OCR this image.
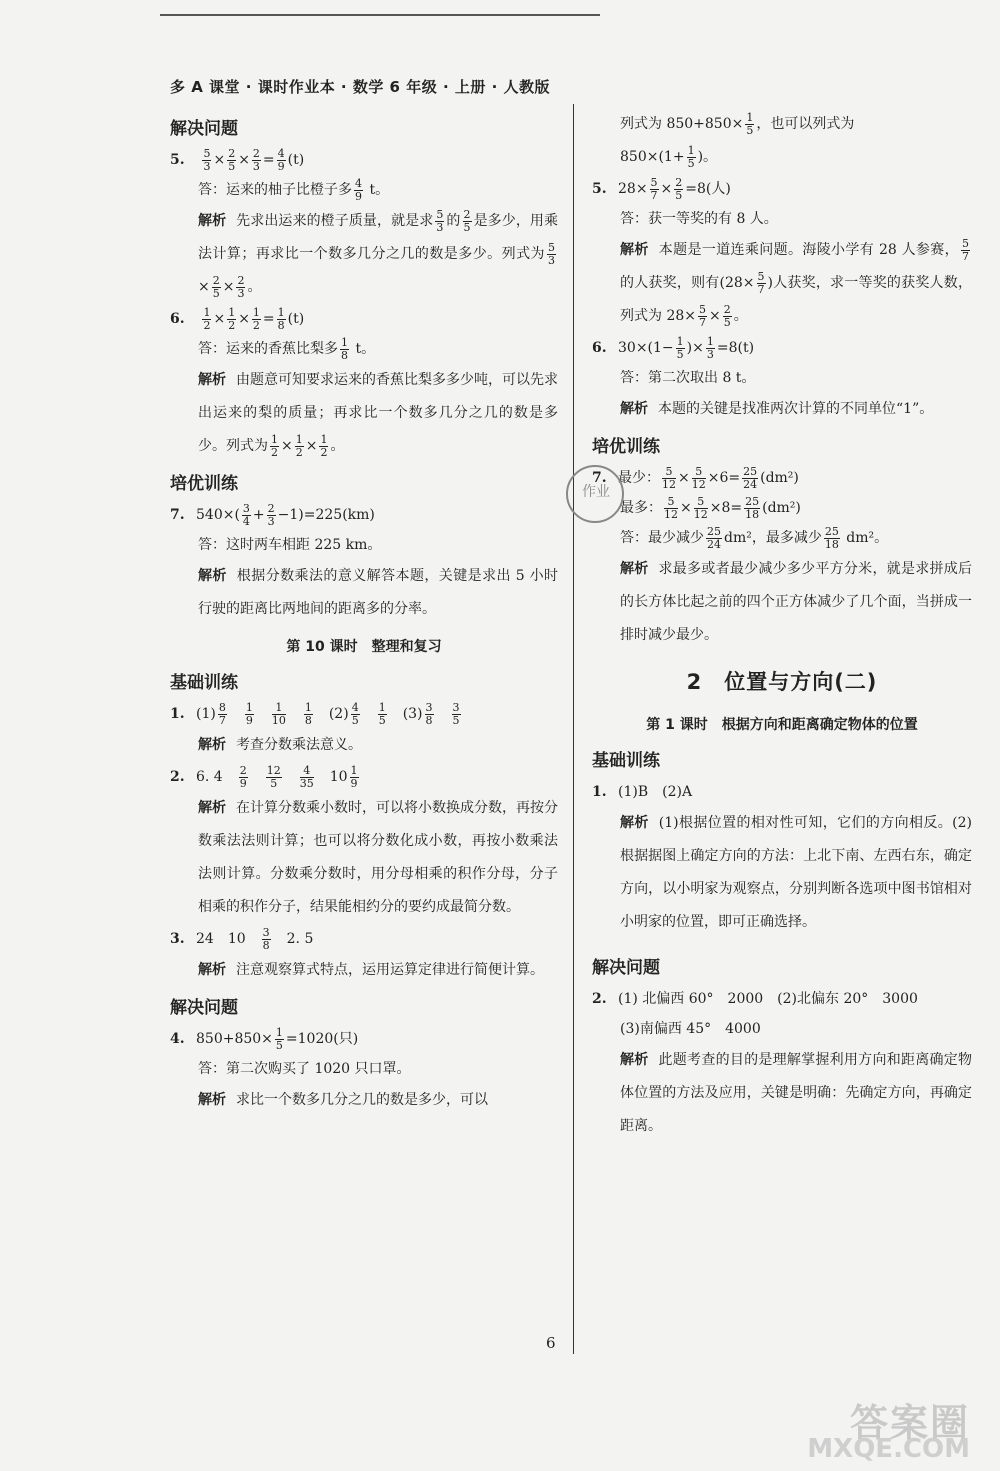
多 A 课堂 · 课时作业本 · 数学 6 年级 · 上册 · 人教版
解决问题
5. $\frac{5}{3} \times \frac{2}{5} \times \frac{2}{3} = \frac{4}{9} (t)$
答：运来的柚子比橙子多 $\frac{4}{9}$ t。
解析 先求出运来的橙子质量，就是求 $\frac{5}{3}$ 的 $\frac{2}{5}$ 是多少，用乘法计算；再求比一个数多几分之几的数是多少。列式为 $\frac{5}{3}$
× $\frac{2}{5} \times \frac{2}{3}$ 。
6. $\frac{1}{2} \times \frac{1}{2} \times \frac{1}{2} = \frac{1}{8} (t)$
答：运来的香蕉比梨多 $\frac{1}{8}$ t。
解析 由题意可知要求运来的香蕉比梨多多少吨，可以先求出运来的梨的质量；再求比一个数多几分之几的数是多少。列式为 $\frac{1}{2} \times \frac{1}{2} \times \frac{1}{2}$ 。
培优训练
7. $540\times( \frac{3}{4} + \frac{2}{3} -1)=225(km)$
答：这时两车相距 225 km。
解析 根据分数乘法的意义解答本题，关键是求出 5 小时行驶的距离比两地间的距离多的分率。
第 10 课时　整理和复习
基础训练
1. $(1) \frac{8}{7}$
　 $\frac{1}{9}$
　 $\frac{1}{10}$
　 $\frac{1}{8}$
　 $(2) \frac{4}{5}$
　 $\frac{1}{5}$
　 $(3) \frac{3}{8}$
　 $\frac{3}{5}$
解析 考查分数乘法意义。
2. 6. 4　 $\frac{2}{9}$
　 $\frac{12}{5}$
　 $\frac{4}{35}$
　 $10 \frac{1}{9}$
解析 在计算分数乘小数时，可以将小数换成分数，再按分数乘法法则计算；也可以将分数化成小数，再按小数乘法法则计算。分数乘分数时，用分母相乘的积作分母，分子相乘的积作分子，结果能相约分的要约成最简分数。
3. 24　10　 $\frac{3}{8}$
　 2. 5
解析 注意观察算式特点，运用运算定律进行简便计算。
解决问题
4. $850+850\times \frac{1}{5} =1020$(只)
答：第二次购买了 1020 只口罩。
解析 求比一个数多几分之几的数是多少，可以
列式为 $850+850\times \frac{1}{5}$ ，也可以列式为
$850\times(1+ \frac{1}{5}$ )。
5. $28\times \frac{5}{7} \times \frac{2}{5} =8$(人)
答：获一等奖的有 8 人。
解析 本题是一道连乘问题。海陵小学有 28 人参赛， $\frac{5}{7}$
的人获奖，则有($28\times \frac{5}{7}$ )人获奖，求一等奖的获奖人数，列式为 $28\times \frac{5}{7} \times \frac{2}{5}$ 。
6. $30\times(1- \frac{1}{5}$ )× $\frac{1}{3} =8(t)$
答：第二次取出 8 t。
解析 本题的关键是找准两次计算的不同单位“1”。
培优训练
7. 最少： $\frac{5}{12} \times \frac{5}{12} \times 6= \frac{25}{24} (dm^2)$
最多： $\frac{5}{12} \times \frac{5}{12} \times 8= \frac{25}{18} (dm^2)$
答：最少减少 $\frac{25}{24} dm^2$，最多减少 $\frac{25}{18} dm^2$。
解析 求最多或者最少减少多少平方分米，就是求拼成后的长方体比起之前的四个正方体减少了几个面，当拼成一排时减少最少。
2　位置与方向(二)
第 1 课时　根据方向和距离确定物体的位置
基础训练
1. (1)B　(2)A
解析 (1)根据位置的相对性可知，它们的方向相反。(2)根据据图上确定方向的方法：上北下南、左西右东，确定方向，以小明家为观察点，分别判断各选项中图书馆相对小明家的位置，即可正确选择。
解决问题
2. (1) 北偏西 60°　2000　(2)北偏东 20°　3000
(3)南偏西 45°　4000
解析 此题考查的目的是理解掌握利用方向和距离确定物体位置的方法及应用，关键是明确：先确定方向，再确定距离。
作业
6
答案圈
MXQE.COM
